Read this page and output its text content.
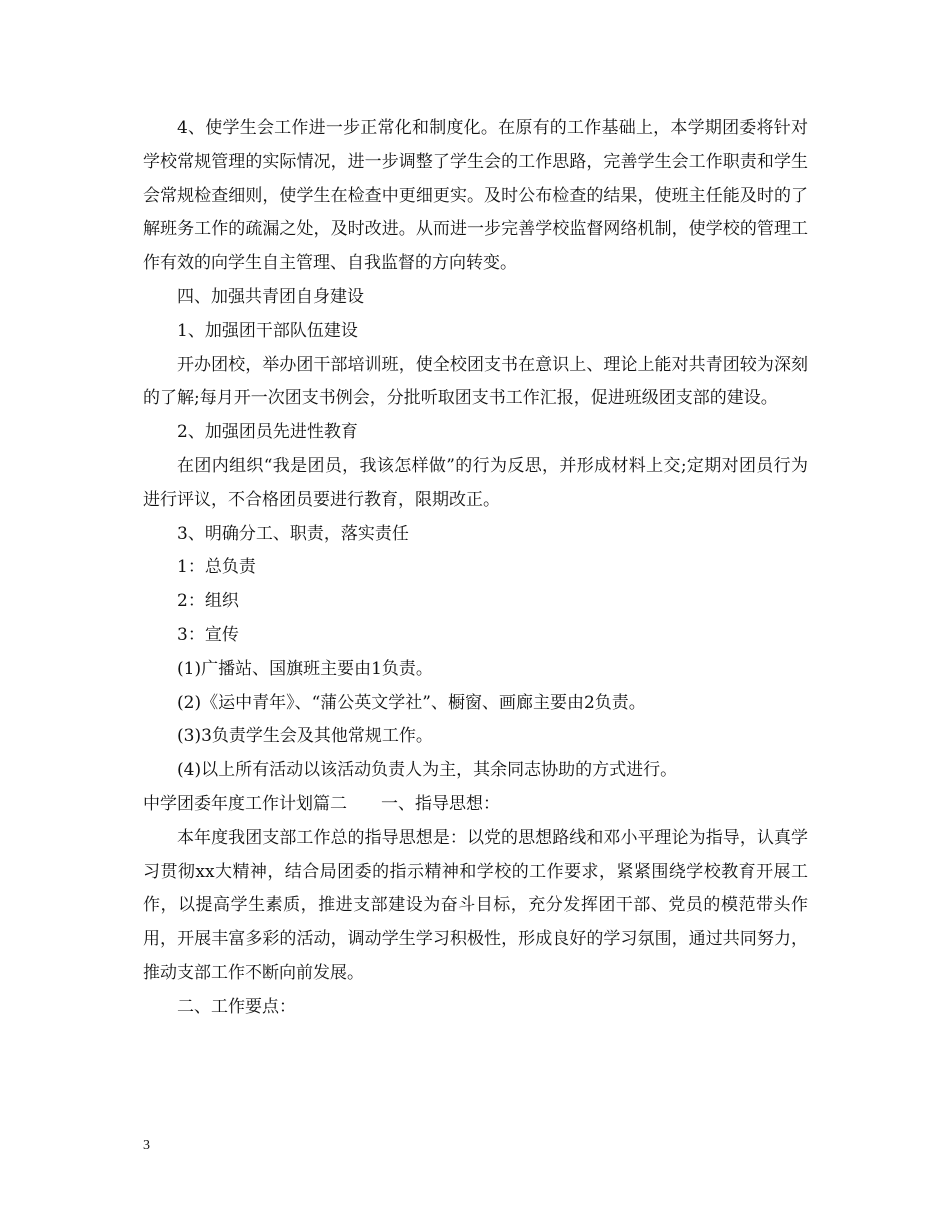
4、使学生会工作进一步正常化和制度化。在原有的工作基础上，本学期团委将针对学校常规管理的实际情况，进一步调整了学生会的工作思路，完善学生会工作职责和学生会常规检查细则，使学生在检查中更细更实。及时公布检查的结果，使班主任能及时的了解班务工作的疏漏之处，及时改进。从而进一步完善学校监督网络机制，使学校的管理工作有效的向学生自主管理、自我监督的方向转变。

四、加强共青团自身建设

1、加强团干部队伍建设

开办团校，举办团干部培训班，使全校团支书在意识上、理论上能对共青团较为深刻的了解;每月开一次团支书例会，分批听取团支书工作汇报，促进班级团支部的建设。

2、加强团员先进性教育

在团内组织“我是团员，我该怎样做”的行为反思，并形成材料上交;定期对团员行为进行评议，不合格团员要进行教育，限期改正。

3、明确分工、职责，落实责任

1：总负责

2：组织

3：宣传

(1)广播站、国旗班主要由1负责。

(2)《运中青年》、“蒲公英文学社”、橱窗、画廊主要由2负责。

(3)3负责学生会及其他常规工作。

(4)以上所有活动以该活动负责人为主，其余同志协助的方式进行。

中学团委年度工作计划篇二　　一、指导思想：

本年度我团支部工作总的指导思想是：以党的思想路线和邓小平理论为指导，认真学习贯彻xx大精神，结合局团委的指示精神和学校的工作要求，紧紧围绕学校教育开展工作，以提高学生素质，推进支部建设为奋斗目标，充分发挥团干部、党员的模范带头作用，开展丰富多彩的活动，调动学生学习积极性，形成良好的学习氛围，通过共同努力，推动支部工作不断向前发展。

二、工作要点：

3
